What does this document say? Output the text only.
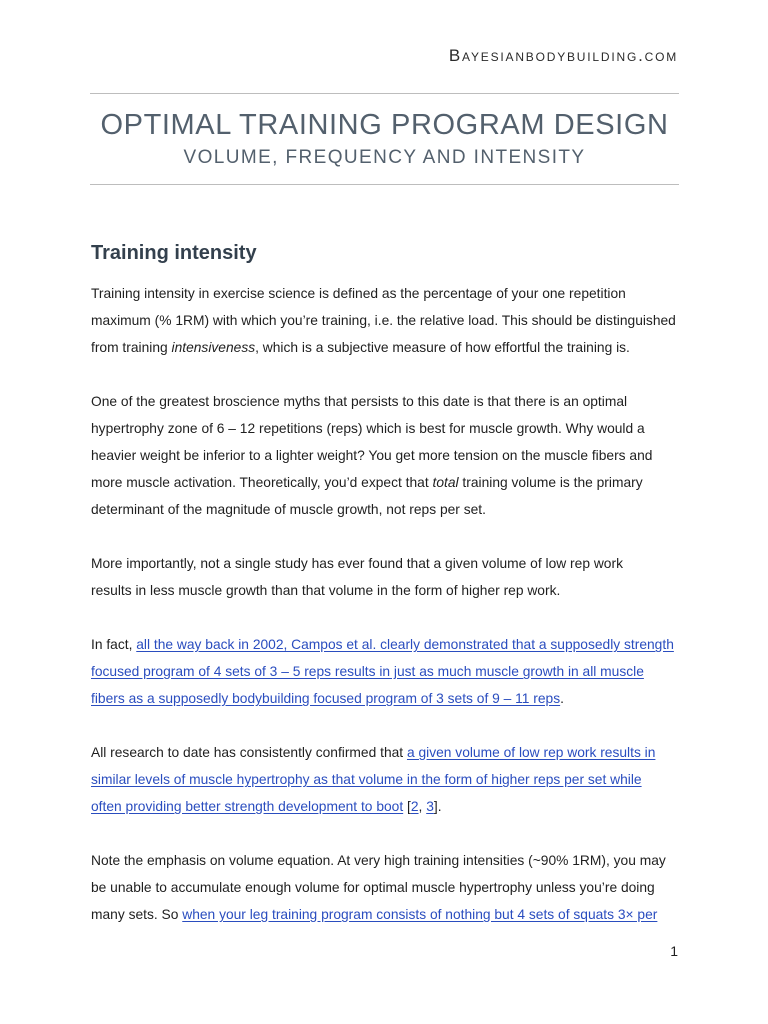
Bayesianbodybuilding.com
OPTIMAL TRAINING PROGRAM DESIGN
VOLUME, FREQUENCY AND INTENSITY
Training intensity
Training intensity in exercise science is defined as the percentage of your one repetition
maximum (% 1RM) with which you’re training, i.e. the relative load. This should be distinguished
from training intensiveness, which is a subjective measure of how effortful the training is.
One of the greatest broscience myths that persists to this date is that there is an optimal
hypertrophy zone of 6 – 12 repetitions (reps) which is best for muscle growth. Why would a
heavier weight be inferior to a lighter weight? You get more tension on the muscle fibers and
more muscle activation. Theoretically, you’d expect that total training volume is the primary
determinant of the magnitude of muscle growth, not reps per set.
More importantly, not a single study has ever found that a given volume of low rep work
results in less muscle growth than that volume in the form of higher rep work.
In fact, all the way back in 2002, Campos et al. clearly demonstrated that a supposedly strength
focused program of 4 sets of 3 – 5 reps results in just as much muscle growth in all muscle
fibers as a supposedly bodybuilding focused program of 3 sets of 9 – 11 reps.
All research to date has consistently confirmed that a given volume of low rep work results in
similar levels of muscle hypertrophy as that volume in the form of higher reps per set while
often providing better strength development to boot [2, 3].
Note the emphasis on volume equation. At very high training intensities (~90% 1RM), you may
be unable to accumulate enough volume for optimal muscle hypertrophy unless you’re doing
many sets. So when your leg training program consists of nothing but 4 sets of squats 3× per
1
